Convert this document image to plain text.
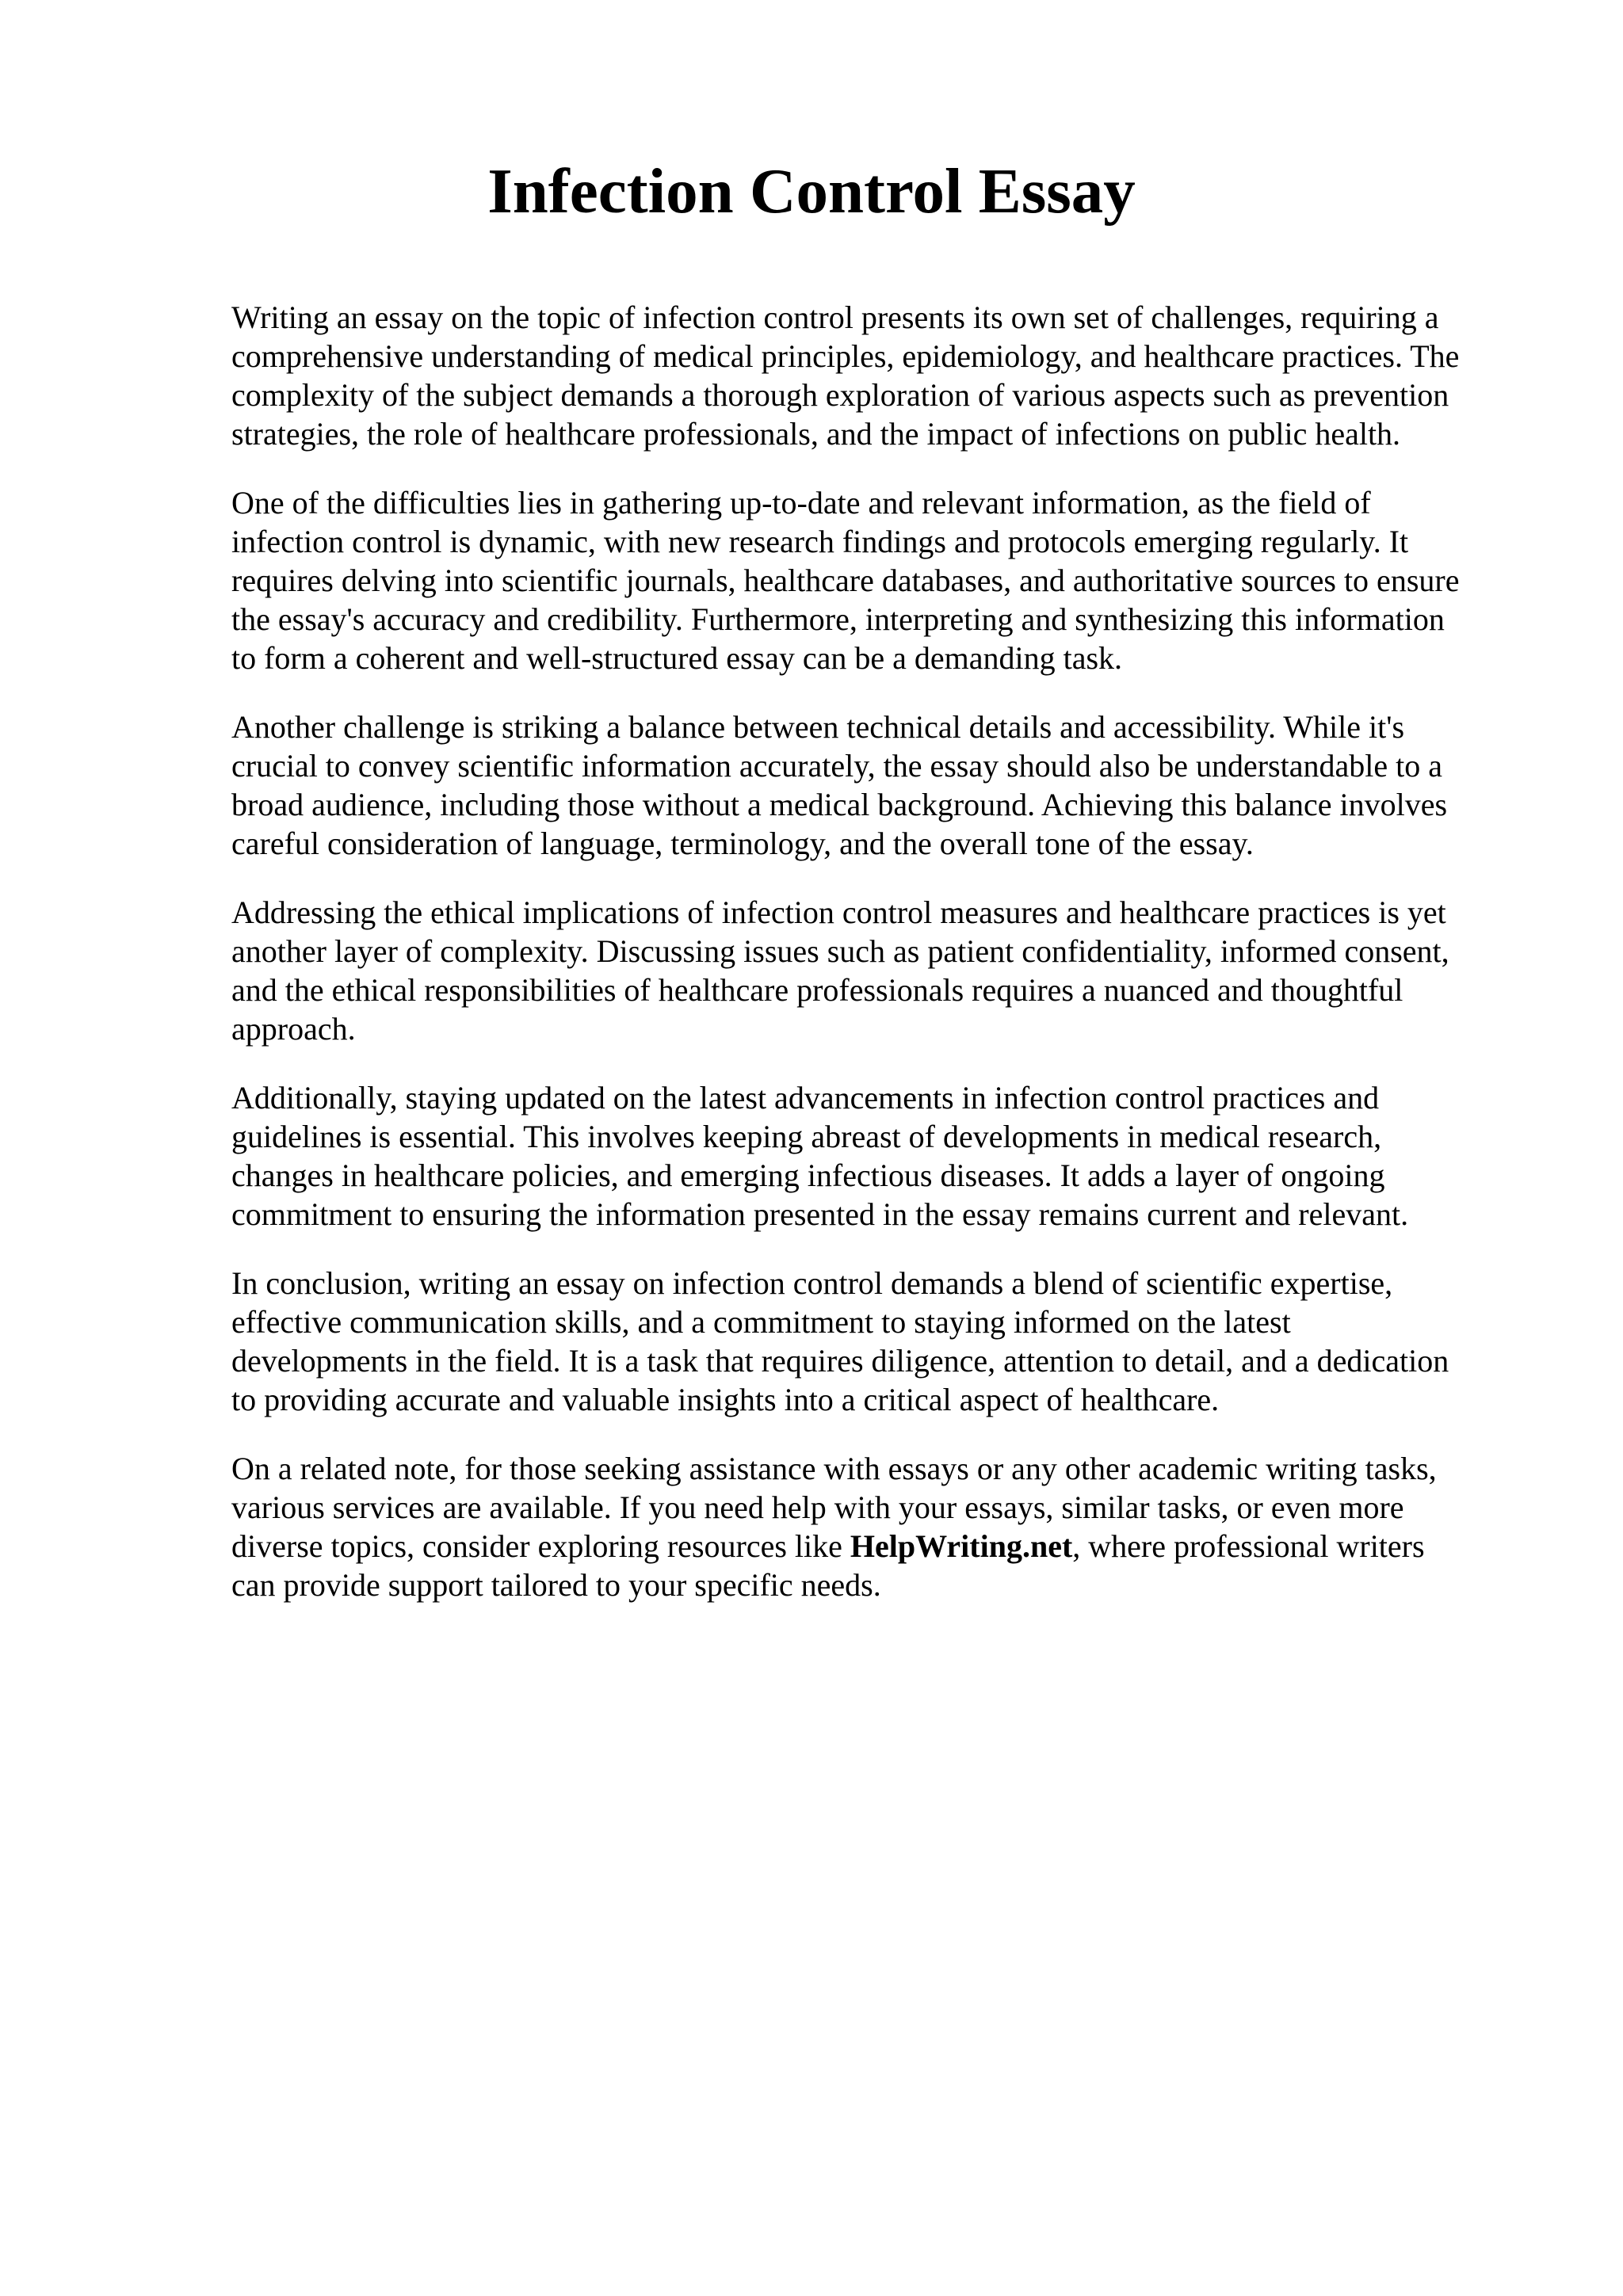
Infection Control Essay

Writing an essay on the topic of infection control presents its own set of challenges, requiring a
comprehensive understanding of medical principles, epidemiology, and healthcare practices. The
complexity of the subject demands a thorough exploration of various aspects such as prevention
strategies, the role of healthcare professionals, and the impact of infections on public health.

One of the difficulties lies in gathering up-to-date and relevant information, as the field of
infection control is dynamic, with new research findings and protocols emerging regularly. It
requires delving into scientific journals, healthcare databases, and authoritative sources to ensure
the essay's accuracy and credibility. Furthermore, interpreting and synthesizing this information
to form a coherent and well-structured essay can be a demanding task.

Another challenge is striking a balance between technical details and accessibility. While it's
crucial to convey scientific information accurately, the essay should also be understandable to a
broad audience, including those without a medical background. Achieving this balance involves
careful consideration of language, terminology, and the overall tone of the essay.

Addressing the ethical implications of infection control measures and healthcare practices is yet
another layer of complexity. Discussing issues such as patient confidentiality, informed consent,
and the ethical responsibilities of healthcare professionals requires a nuanced and thoughtful
approach.

Additionally, staying updated on the latest advancements in infection control practices and
guidelines is essential. This involves keeping abreast of developments in medical research,
changes in healthcare policies, and emerging infectious diseases. It adds a layer of ongoing
commitment to ensuring the information presented in the essay remains current and relevant.

In conclusion, writing an essay on infection control demands a blend of scientific expertise,
effective communication skills, and a commitment to staying informed on the latest
developments in the field. It is a task that requires diligence, attention to detail, and a dedication
to providing accurate and valuable insights into a critical aspect of healthcare.

On a related note, for those seeking assistance with essays or any other academic writing tasks,
various services are available. If you need help with your essays, similar tasks, or even more
diverse topics, consider exploring resources like HelpWriting.net, where professional writers
can provide support tailored to your specific needs.
